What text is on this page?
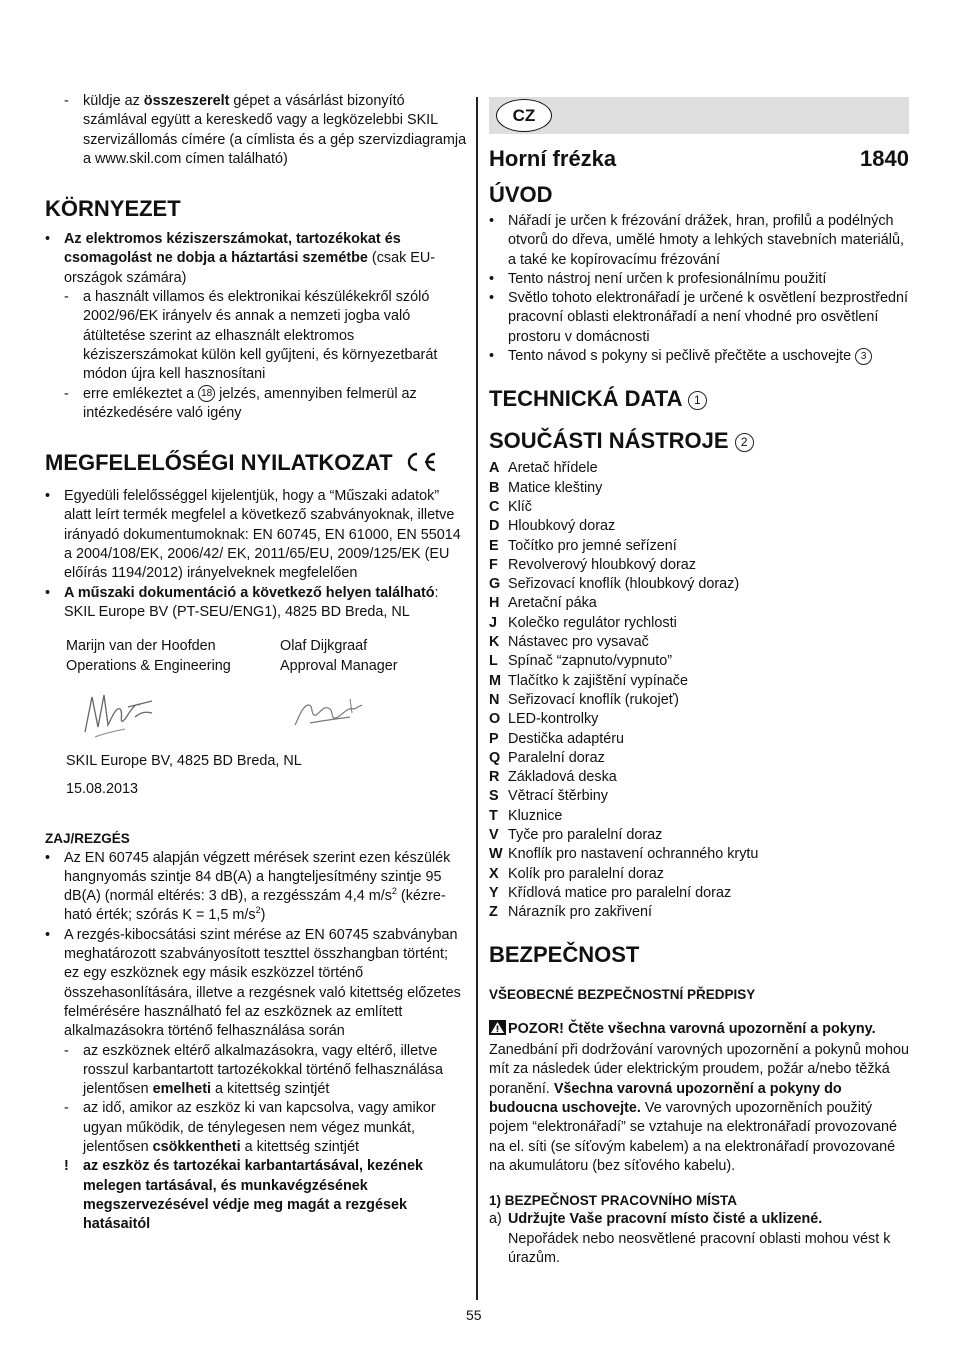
- küldje az összeszerelt gépet a vásárlást bizonyító számlával együtt a kereskedő vagy a legközelebbi SKIL szervizállomás címére (a címlista és a gép szervizdiagramja a www.skil.com címen található)
KÖRNYEZET
• Az elektromos kéziszerszámokat, tartozékokat és csomagolást ne dobja a háztartási szemétbe (csak EU-országok számára)
- a használt villamos és elektronikai készülékekről szóló 2002/96/EK irányelv és annak a nemzeti jogba való átültetése szerint az elhasznált elektromos kéziszerszámokat külön kell gyűjteni, és környezetbarát módon újra kell hasznosítani
- erre emlékeztet a 18 jelzés, amennyiben felmerül az intézkedésére való igény
MEGFELELŐSÉGI NYILATKOZAT
• Egyedüli felelősséggel kijelentjük, hogy a “Műszaki adatok” alatt leírt termék megfelel a következő szabványoknak, illetve irányadó dokumentumoknak: EN 60745, EN 61000, EN 55014 a 2004/108/EK, 2006/42/ EK, 2011/65/EU, 2009/125/EK (EU előírás 1194/2012) irányelveknek megfelelően
• A műszaki dokumentáció a következő helyen található: SKIL Europe BV (PT-SEU/ENG1), 4825 BD Breda, NL
Marijn van der Hoofden
Operations & Engineering
Olaf Dijkgraaf
Approval Manager
SKIL Europe BV, 4825 BD Breda, NL
15.08.2013
ZAJ/REZGÉS
• Az EN 60745 alapján végzett mérések szerint ezen készülék hangnyomás szintje 84 dB(A) a hangteljesítmény szintje 95 dB(A) (normál eltérés: 3 dB), a rezgésszám 4,4 $m/s^2$ (kézre-ható érték; szórás K = 1,5 $m/s^2$)
• A rezgés-kibocsátási szint mérése az EN 60745 szabványban meghatározott szabványosított teszttel összhangban történt; ez egy eszköznek egy másik eszközzel történő összehasonlítására, illetve a rezgésnek való kitettség előzetes felmérésére használható fel az eszköznek az említett alkalmazásokra történő felhasználása során
- az eszköznek eltérő alkalmazásokra, vagy eltérő, illetve rosszul karbantartott tartozékokkal történő felhasználása jelentősen emelheti a kitettség szintjét
- az idő, amikor az eszköz ki van kapcsolva, vagy amikor ugyan működik, de ténylegesen nem végez munkát, jelentősen csökkentheti a kitettség szintjét
! az eszköz és tartozékai karbantartásával, kezének melegen tartásával, és munkavégzésének megszervezésével védje meg magát a rezgések hatásaitól
CZ
Horní frézka	1840
ÚVOD
• Nářadí je určen k frézování drážek, hran, profilů a podélných otvorů do dřeva, umělé hmoty a lehkých stavebních materiálů, a také ke kopírovacímu frézování
• Tento nástroj není určen k profesionálnímu použití
• Světlo tohoto elektronářadí je určené k osvětlení bezprostřední pracovní oblasti elektronářadí a není vhodné pro osvětlení prostoru v domácnosti
• Tento návod s pokyny si pečlivě přečtěte a uschovejte 3
TECHNICKÁ DATA 1
SOUČÁSTI NÁSTROJE 2
A Aretač hřídele
B Matice kleštiny
C Klíč
D Hloubkový doraz
E Točítko pro jemné seřízení
F Revolverový hloubkový doraz
G Seřizovací knoflík (hloubkový doraz)
H Aretační páka
J Kolečko regulátor rychlosti
K Nástavec pro vysavač
L Spínač “zapnuto/vypnuto”
M Tlačítko k zajištění vypínače
N Seřizovací knoflík (rukojeť)
O LED-kontrolky
P Destička adaptéru
Q Paralelní doraz
R Základová deska
S Větrací štěrbiny
T Kluznice
V Tyče pro paralelní doraz
W Knoflík pro nastavení ochranného krytu
X Kolík pro paralelní doraz
Y Křídlová matice pro paralelní doraz
Z Nárazník pro zakřivení
BEZPEČNOST
VŠEOBECNÉ BEZPEČNOSTNÍ PŘEDPISY
POZOR! Čtěte všechna varovná upozornění a pokyny. Zanedbání při dodržování varovných upozornění a pokynů mohou mít za následek úder elektrickým proudem, požár a/nebo těžká poranění. Všechna varovná upozornění a pokyny do budoucna uschovejte. Ve varovných upozorněních použitý pojem “elektronářadí” se vztahuje na elektronářadí provozované na el. síti (se síťovým kabelem) a na elektronářadí provozované na akumulátoru (bez síťového kabelu).
1) BEZPEČNOST PRACOVNÍHO MÍSTA
a) Udržujte Vaše pracovní místo čisté a uklizené.
Nepořádek nebo neosvětlené pracovní oblasti mohou vést k úrazům.
55
